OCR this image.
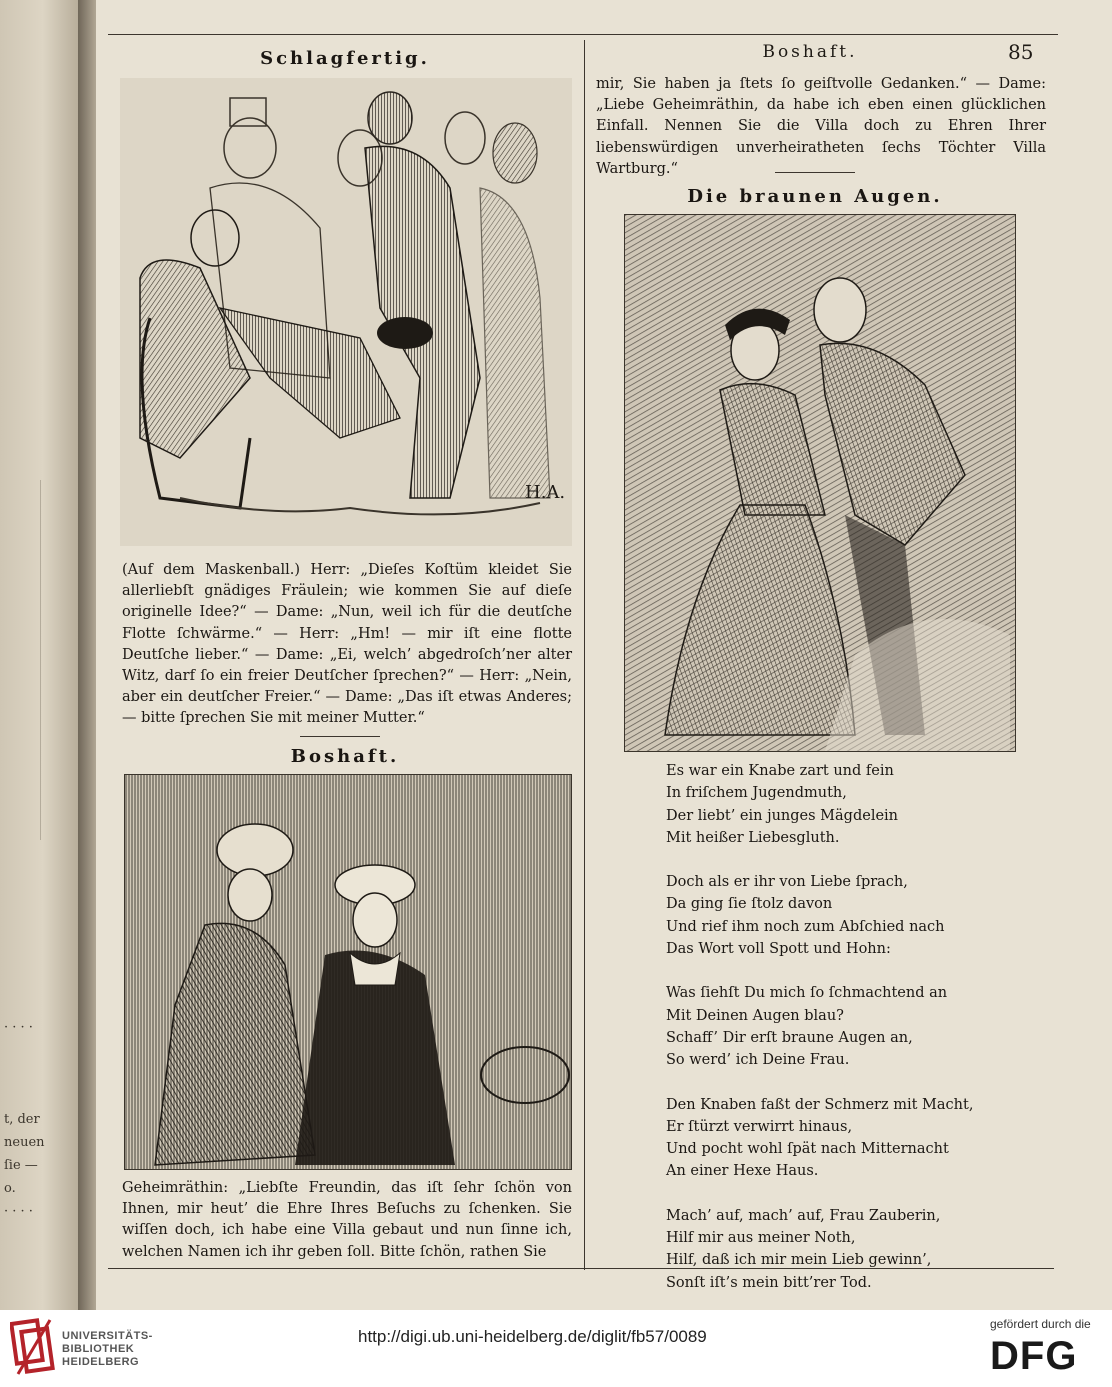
t, der
neuen
ſie —
o.
· · · ·
· · · ·
Boshaft.	85
Schlagfertig.
H.A.

(Auf dem Maskenball.) Herr: „Dieſes Koſtüm kleidet Sie allerliebſt gnädiges Fräulein; wie kommen Sie auf dieſe originelle Idee?“ — Dame: „Nun, weil ich für die deutſche Flotte ſchwärme.“ — Herr: „Hm! — mir iſt eine flotte Deutſche lieber.“ — Dame: „Ei, welch’ abgedroſch’ner alter Witz, darf ſo ein freier Deutſcher ſprechen?“ — Herr: „Nein, aber ein deutſcher Freier.“ — Dame: „Das iſt etwas Anderes; — bitte ſprechen Sie mit meiner Mutter.“

Boshaft.

Geheimräthin: „Liebſte Freundin, das iſt ſehr ſchön von Ihnen, mir heut’ die Ehre Ihres Beſuchs zu ſchenken. Sie wiſſen doch, ich habe eine Villa gebaut und nun ſinne ich, welchen Namen ich ihr geben ſoll. Bitte ſchön, rathen Sie

mir, Sie haben ja ſtets ſo geiſtvolle Gedanken.“ — Dame: „Liebe Geheimräthin, da habe ich eben einen glücklichen Einfall. Nennen Sie die Villa doch zu Ehren Ihrer liebenswürdigen unverheiratheten ſechs Töchter Villa Wartburg.“

Die braunen Augen.
Es war ein Knabe zart und fein
In friſchem Jugendmuth,
Der liebt’ ein junges Mägdelein
Mit heißer Liebesgluth.
Doch als er ihr von Liebe ſprach,
Da ging ſie ſtolz davon
Und rief ihm noch zum Abſchied nach
Das Wort voll Spott und Hohn:
Was ſiehſt Du mich ſo ſchmachtend an
Mit Deinen Augen blau?
Schaff’ Dir erſt braune Augen an,
So werd’ ich Deine Frau.
Den Knaben faßt der Schmerz mit Macht,
Er ſtürzt verwirrt hinaus,
Und pocht wohl ſpät nach Mitternacht
An einer Hexe Haus.
Mach’ auf, mach’ auf, Frau Zauberin,
Hilf mir aus meiner Noth,
Hilf, daß ich mir mein Lieb gewinn’,
Sonſt iſt’s mein bitt’rer Tod.
UNIVERSITÄTS-
BIBLIOTHEK
HEIDELBERG
http://digi.ub.uni-heidelberg.de/diglit/fb57/0089
gefördert durch die
DFG
